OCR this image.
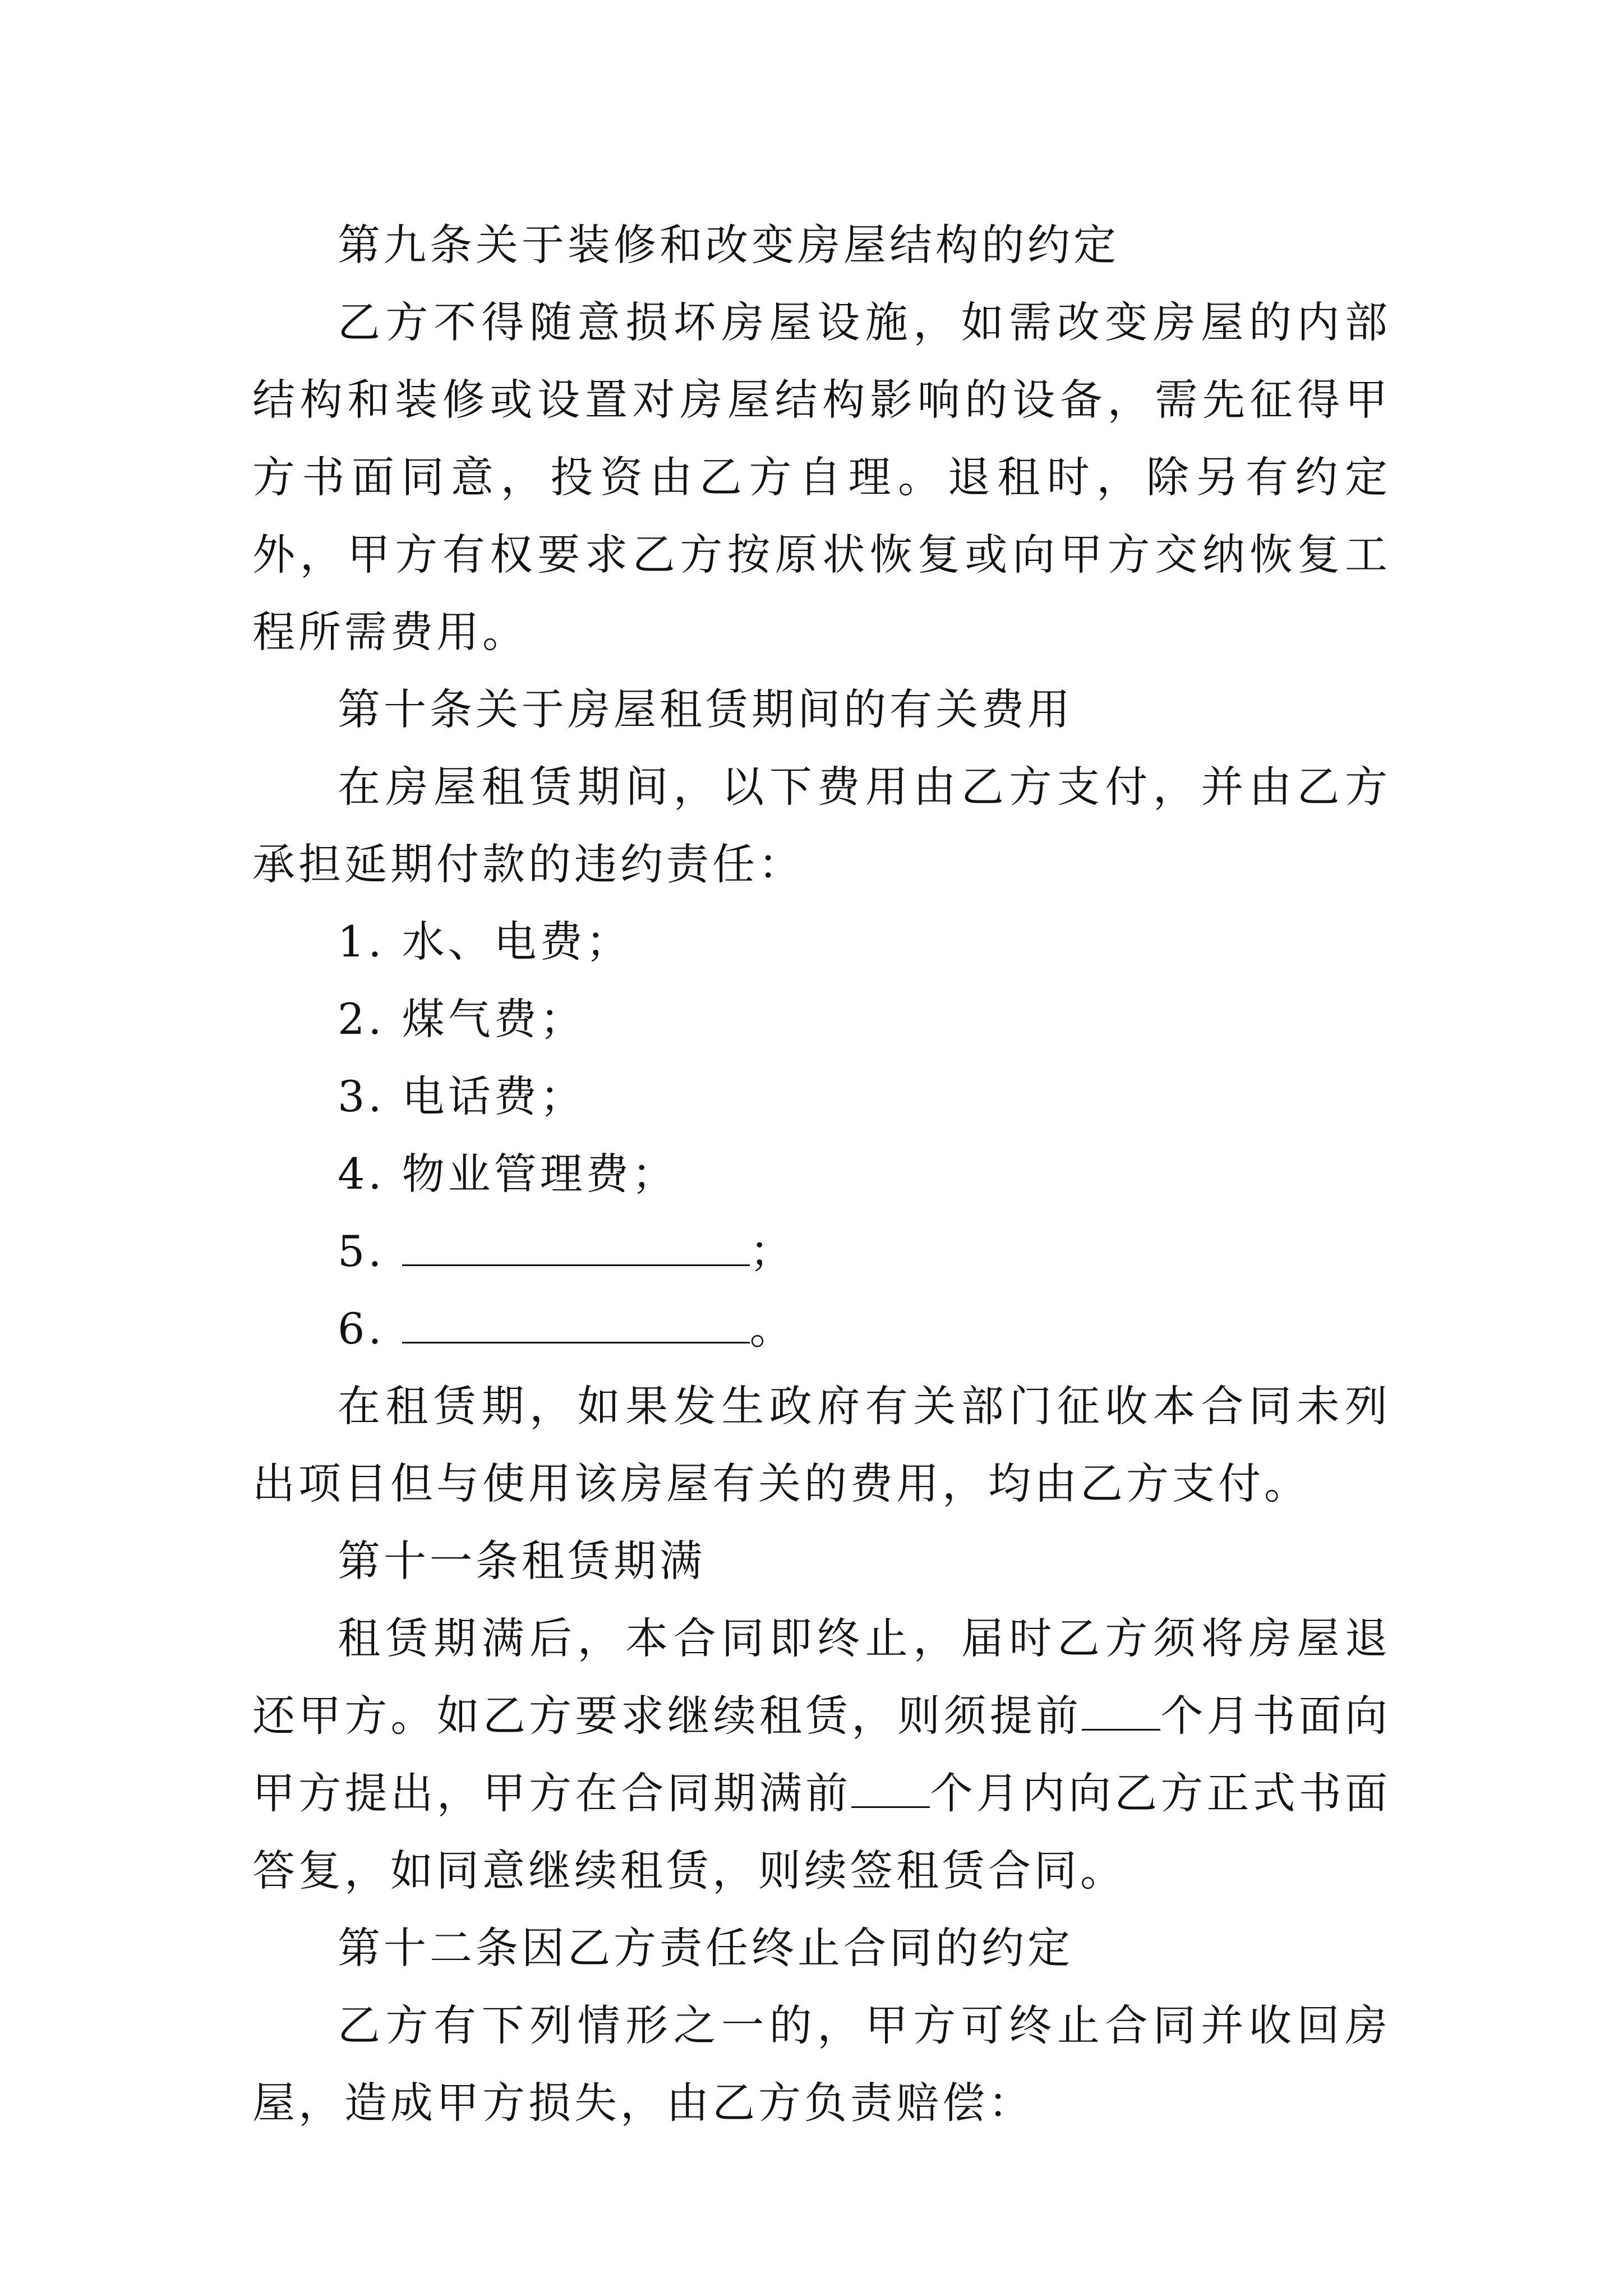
第九条关于装修和改变房屋结构的约定

乙方不得随意损坏房屋设施，如需改变房屋的内部结构和装修或设置对房屋结构影响的设备，需先征得甲方书面同意，投资由乙方自理。退租时，除另有约定外，甲方有权要求乙方按原状恢复或向甲方交纳恢复工程所需费用。

第十条关于房屋租赁期间的有关费用

在房屋租赁期间，以下费用由乙方支付，并由乙方承担延期付款的违约责任：

1. 水、电费；

2. 煤气费；

3. 电话费；

4. 物业管理费；

5.	；

6.	。

在租赁期，如果发生政府有关部门征收本合同未列出项目但与使用该房屋有关的费用，均由乙方支付。

第十一条租赁期满

租赁期满后，本合同即终止，届时乙方须将房屋退还甲方。如乙方要求继续租赁，则须提前 个月书面向甲方提出，甲方在合同期满前 个月内向乙方正式书面答复，如同意继续租赁，则续签租赁合同。

第十二条因乙方责任终止合同的约定

乙方有下列情形之一的，甲方可终止合同并收回房屋，造成甲方损失，由乙方负责赔偿：
